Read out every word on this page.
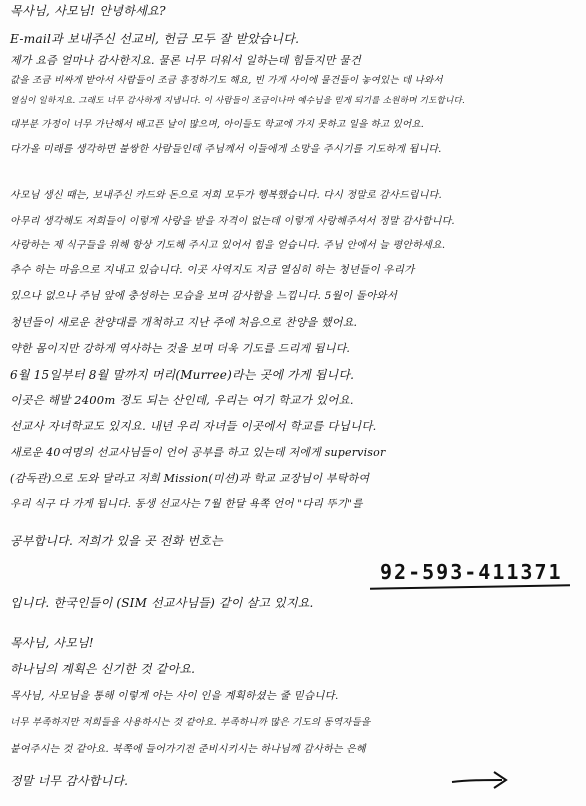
목사님, 사모님! 안녕하세요?
E-mail과 보내주신 선교비, 헌금 모두 잘 받았습니다.
제가 요즘 얼마나 감사한지요. 물론 너무 더워서 일하는데 힘들지만 물건
값을 조금 비싸게 받아서 사람들이 조금 흥정하기도 해요, 빈 가게 사이에 물건들이 놓여있는 데 나와서
열심이 일하지요. 그래도 너무 감사하게 지냅니다. 이 사람들이 조금이나마 예수님을 믿게 되기를 소원하며 기도합니다.
대부분 가정이 너무 가난해서 배고픈 날이 많으며, 아이들도 학교에 가지 못하고 일을 하고 있어요.
다가올 미래를 생각하면 불쌍한 사람들인데 주님께서 이들에게 소망을 주시기를 기도하게 됩니다.
사모님 생신 때는, 보내주신 카드와 돈으로 저희 모두가 행복했습니다. 다시 정말로 감사드립니다.
아무리 생각해도 저희들이 이렇게 사랑을 받을 자격이 없는데 이렇게 사랑해주셔서 정말 감사합니다.
사랑하는 제 식구들을 위해 항상 기도해 주시고 있어서 힘을 얻습니다. 주님 안에서 늘 평안하세요.
추수 하는 마음으로 지내고 있습니다. 이곳 사역지도 지금 열심히 하는 청년들이 우리가
있으나 없으나 주님 앞에 충성하는 모습을 보며 감사함을 느낍니다. 5월이 돌아와서
청년들이 새로운 찬양대를 개척하고 지난 주에 처음으로 찬양을 했어요.
약한 몸이지만 강하게 역사하는 것을 보며 더욱 기도를 드리게 됩니다.
6월 15일부터 8월 말까지 머리(Murree)라는 곳에 가게 됩니다.
이곳은 해발 2400m 정도 되는 산인데, 우리는 여기 학교가 있어요.
선교사 자녀학교도 있지요. 내년 우리 자녀들 이곳에서 학교를 다닙니다.
새로운 40여명의 선교사님들이 언어 공부를 하고 있는데 저에게 supervisor
(감독관)으로 도와 달라고 저희 Mission(미션)과 학교 교장님이 부탁하여
우리 식구 다 가게 됩니다. 동생 선교사는 7월 한달 욕쪽 언어 "다리 뚜기"를
공부합니다. 저희가 있을 곳 전화 번호는
92-593-411371
입니다. 한국인들이 (SIM 선교사님들) 같이 살고 있지요.
목사님, 사모님!
하나님의 계획은 신기한 것 같아요.
목사님, 사모님을 통해 이렇게 아는 사이 인을 계획하셨는 줄 믿습니다.
너무 부족하지만 저희들을 사용하시는 것 같아요. 부족하니까 많은 기도의 동역자들을
붙여주시는 것 같아요. 북쪽에 들어가기전 준비시키시는 하나님께 감사하는 은혜
정말 너무 감사합니다.
